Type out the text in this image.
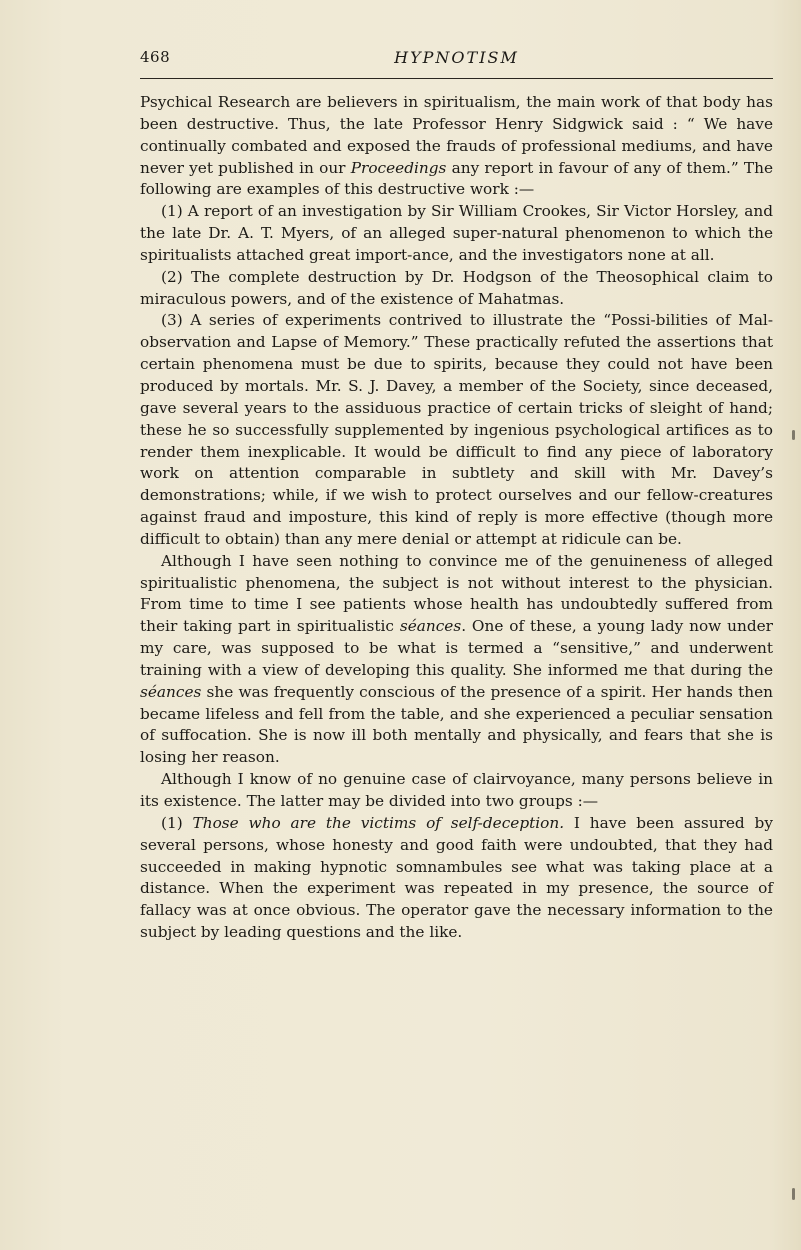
468	HYPNOTISM

Psychical Research are believers in spiritualism, the main work of that body has been destructive. Thus, the late Professor Henry Sidgwick said : “ We have continually combated and exposed the frauds of professional mediums, and have never yet published in our Proceedings any report in favour of any of them.” The following are examples of this destructive work :—

(1) A report of an investigation by Sir William Crookes, Sir Victor Horsley, and the late Dr. A. T. Myers, of an alleged super-natural phenomenon to which the spiritualists attached great import-ance, and the investigators none at all.

(2) The complete destruction by Dr. Hodgson of the Theosophical claim to miraculous powers, and of the existence of Mahatmas.

(3) A series of experiments contrived to illustrate the “Possi-bilities of Mal-observation and Lapse of Memory.” These practically refuted the assertions that certain phenomena must be due to spirits, because they could not have been produced by mortals. Mr. S. J. Davey, a member of the Society, since deceased, gave several years to the assiduous practice of certain tricks of sleight of hand; these he so successfully supplemented by ingenious psychological artifices as to render them inexplicable. It would be difficult to find any piece of laboratory work on attention comparable in subtlety and skill with Mr. Davey’s demonstrations; while, if we wish to protect ourselves and our fellow-creatures against fraud and imposture, this kind of reply is more effective (though more difficult to obtain) than any mere denial or attempt at ridicule can be.

Although I have seen nothing to convince me of the genuineness of alleged spiritualistic phenomena, the subject is not without interest to the physician. From time to time I see patients whose health has undoubtedly suffered from their taking part in spiritualistic séances. One of these, a young lady now under my care, was supposed to be what is termed a “sensitive,” and underwent training with a view of developing this quality. She informed me that during the séances she was frequently conscious of the presence of a spirit. Her hands then became lifeless and fell from the table, and she experienced a peculiar sensation of suffocation. She is now ill both mentally and physically, and fears that she is losing her reason.

Although I know of no genuine case of clairvoyance, many persons believe in its existence. The latter may be divided into two groups :—

(1) Those who are the victims of self-deception. I have been assured by several persons, whose honesty and good faith were undoubted, that they had succeeded in making hypnotic somnambules see what was taking place at a distance. When the experiment was repeated in my presence, the source of fallacy was at once obvious. The operator gave the necessary information to the subject by leading questions and the like.
